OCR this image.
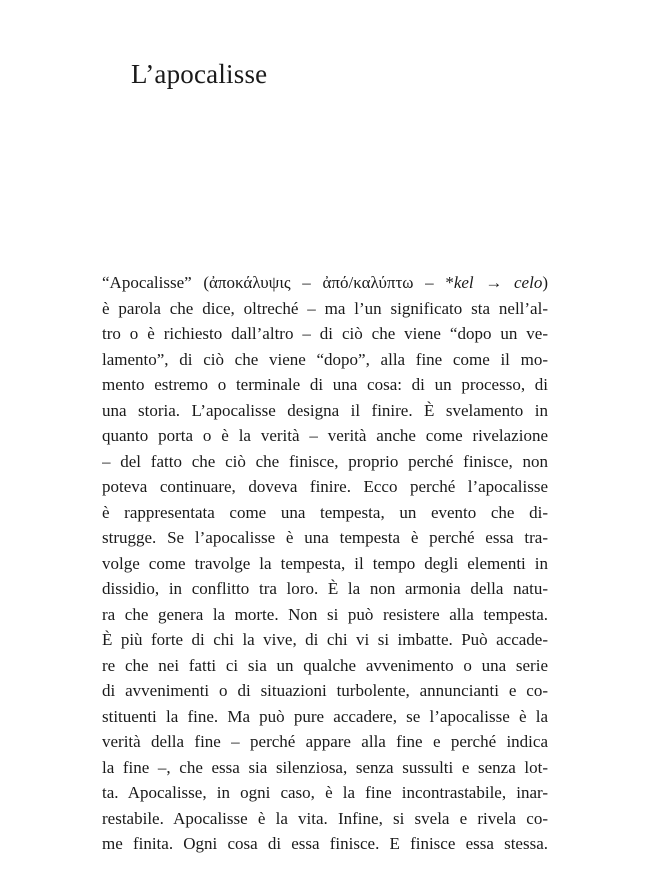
L’apocalisse
“Apocalisse” (ἀποκάλυψις – ἀπό/καλύπτω – *kel → celo)
è parola che dice, oltreché – ma l’un significato sta nell’al-
tro o è richiesto dall’altro – di ciò che viene “dopo un ve-
lamento”, di ciò che viene “dopo”, alla fine come il mo-
mento estremo o terminale di una cosa: di un processo, di
una storia. L’apocalisse designa il finire. È svelamento in
quanto porta o è la verità – verità anche come rivelazione
– del fatto che ciò che finisce, proprio perché finisce, non
poteva continuare, doveva finire. Ecco perché l’apocalisse
è rappresentata come una tempesta, un evento che di-
strugge. Se l’apocalisse è una tempesta è perché essa tra-
volge come travolge la tempesta, il tempo degli elementi in
dissidio, in conflitto tra loro. È la non armonia della natu-
ra che genera la morte. Non si può resistere alla tempesta.
È più forte di chi la vive, di chi vi si imbatte. Può accade-
re che nei fatti ci sia un qualche avvenimento o una serie
di avvenimenti o di situazioni turbolente, annuncianti e co-
stituenti la fine. Ma può pure accadere, se l’apocalisse è la
verità della fine – perché appare alla fine e perché indica
la fine –, che essa sia silenziosa, senza sussulti e senza lot-
ta. Apocalisse, in ogni caso, è la fine incontrastabile, inar-
restabile. Apocalisse è la vita. Infine, si svela e rivela co-
me finita. Ogni cosa di essa finisce. E finisce essa stessa.
